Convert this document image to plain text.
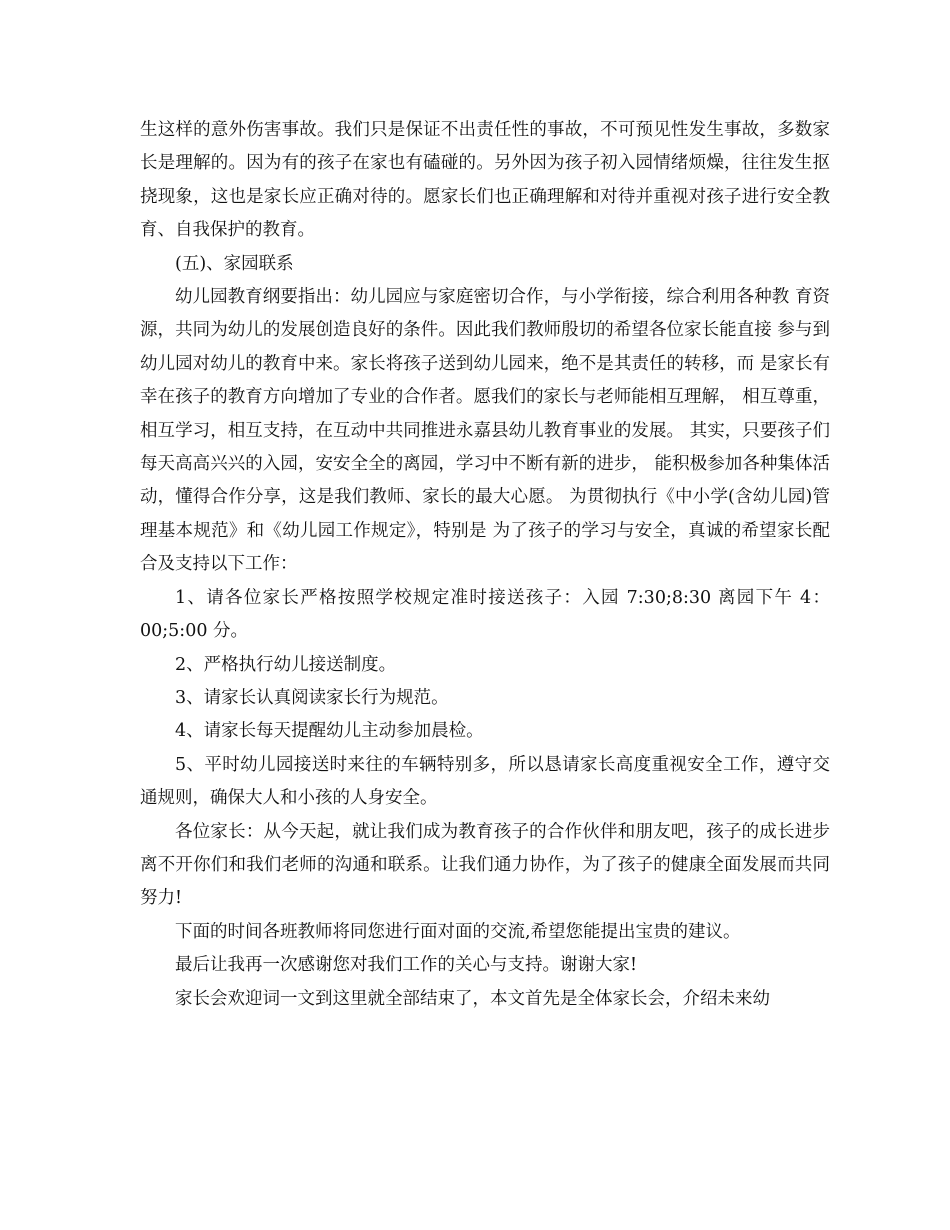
生这样的意外伤害事故。我们只是保证不出责任性的事故，不可预见性发生事故，多数家长是理解的。因为有的孩子在家也有磕碰的。另外因为孩子初入园情绪烦燥，往往发生抠挠现象，这也是家长应正确对待的。愿家长们也正确理解和对待并重视对孩子进行安全教育、自我保护的教育。

(五)、家园联系

幼儿园教育纲要指出：幼儿园应与家庭密切合作，与小学衔接，综合利用各种教 育资源，共同为幼儿的发展创造良好的条件。因此我们教师殷切的希望各位家长能直接 参与到幼儿园对幼儿的教育中来。家长将孩子送到幼儿园来，绝不是其责任的转移，而 是家长有幸在孩子的教育方向增加了专业的合作者。愿我们的家长与老师能相互理解， 相互尊重，相互学习，相互支持，在互动中共同推进永嘉县幼儿教育事业的发展。 其实，只要孩子们每天高高兴兴的入园，安安全全的离园，学习中不断有新的进步， 能积极参加各种集体活动，懂得合作分享，这是我们教师、家长的最大心愿。 为贯彻执行《中小学(含幼儿园)管理基本规范》和《幼儿园工作规定》，特别是 为了孩子的学习与安全，真诚的希望家长配合及支持以下工作：

1、请各位家长严格按照学校规定准时接送孩子：入园 7:30;8:30 离园下午 4：00;5:00 分。

2、严格执行幼儿接送制度。

3、请家长认真阅读家长行为规范。

4、请家长每天提醒幼儿主动参加晨检。

5、平时幼儿园接送时来往的车辆特别多，所以恳请家长高度重视安全工作，遵守交通规则，确保大人和小孩的人身安全。

各位家长：从今天起，就让我们成为教育孩子的合作伙伴和朋友吧，孩子的成长进步离不开你们和我们老师的沟通和联系。让我们通力协作，为了孩子的健康全面发展而共同努力!

下面的时间各班教师将同您进行面对面的交流,希望您能提出宝贵的建议。

最后让我再一次感谢您对我们工作的关心与支持。谢谢大家!

家长会欢迎词一文到这里就全部结束了，本文首先是全体家长会，介绍未来幼
